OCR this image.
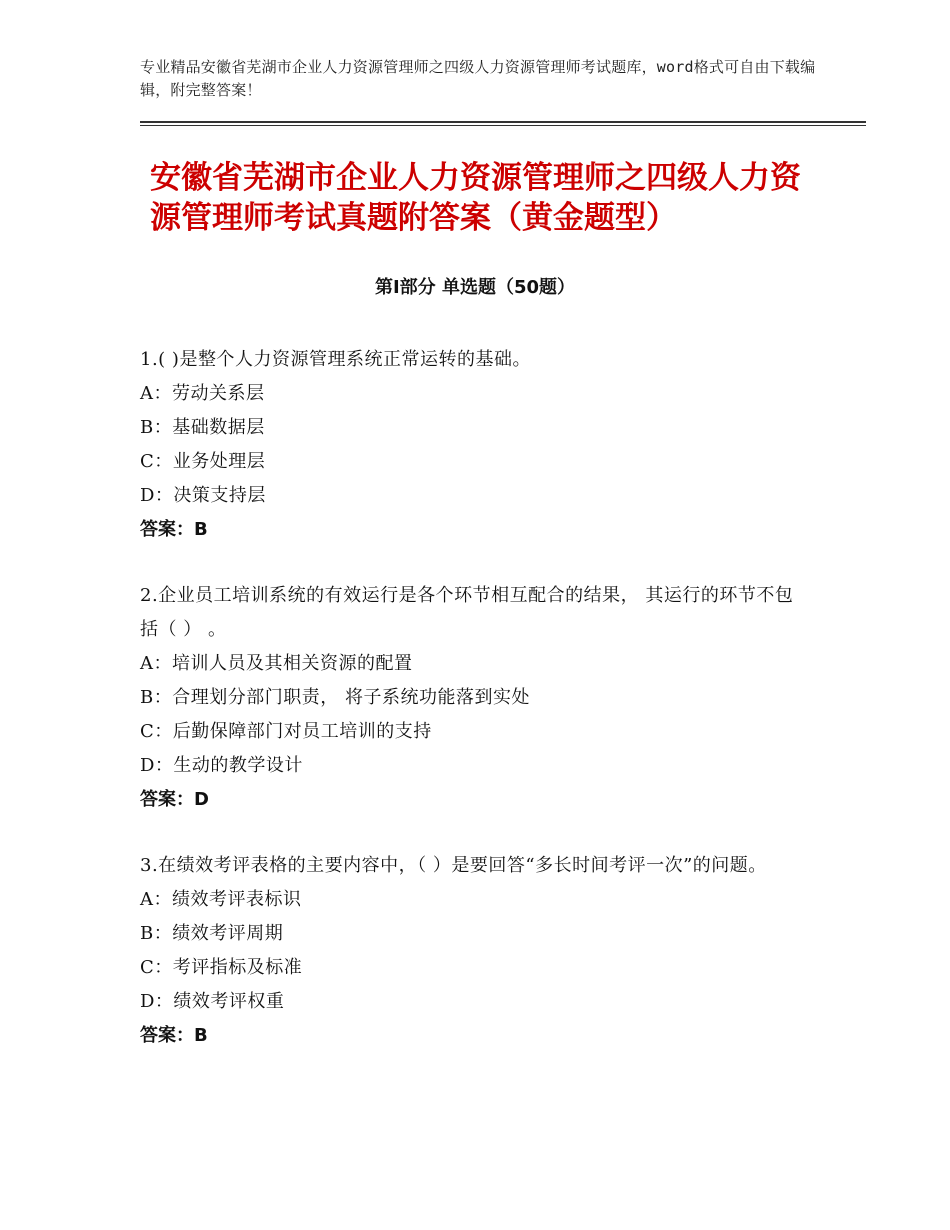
专业精品安徽省芜湖市企业人力资源管理师之四级人力资源管理师考试题库，word格式可自由下载编辑，附完整答案！
安徽省芜湖市企业人力资源管理师之四级人力资源管理师考试真题附答案（黄金题型）
第Ⅰ部分 单选题（50题）
1.( )是整个人力资源管理系统正常运转的基础。
A：劳动关系层
B：基础数据层
C：业务处理层
D：决策支持层
答案：B
2.企业员工培训系统的有效运行是各个环节相互配合的结果， 其运行的环节不包括（ ） 。
A：培训人员及其相关资源的配置
B：合理划分部门职责， 将子系统功能落到实处
C：后勤保障部门对员工培训的支持
D：生动的教学设计
答案：D
3.在绩效考评表格的主要内容中，（ ）是要回答“多长时间考评一次”的问题。
A：绩效考评表标识
B：绩效考评周期
C：考评指标及标准
D：绩效考评权重
答案：B
